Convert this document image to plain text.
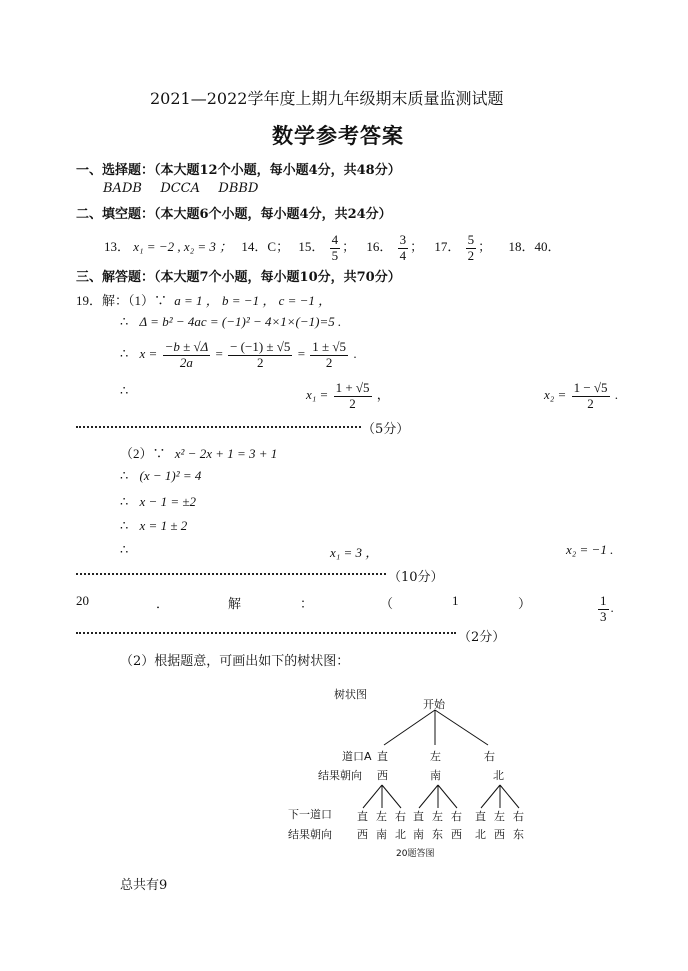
2021—2022学年度上期九年级期末质量监测试题
数学参考答案
一、选择题：（本大题12个小题，每小题4分，共48分）
BADB   DCCA   DBBD
二、填空题：（本大题6个小题，每小题4分，共24分）
13． x₁ = −2 , x₂ = 3 ； 14．C； 15． $\frac{4}{5}$ ； 16． $\frac{3}{4}$ ； 17． $\frac{5}{2}$ ； 18．40．
三、解答题：（本大题7个小题，每小题10分，共70分）
19．解：（1）∵ a = 1 ， b = −1 ， c = −1 ，
∴ Δ = b² − 4ac = (−1)² − 4×1×(−1)=5 .
∴ $x = \frac{-b \pm √\Delta}{2a} = \frac{- (-1) \pm √5}{2} = \frac{1 \pm √5}{2}$ .
∴	$x_1 = \frac{1 + √5}{2}$ ，	$x_2 = \frac{1 - √5}{2}$ .
（5分）
（2）∵ x² − 2x + 1 = 3 + 1
∴ (x − 1)² = 4
∴ x − 1 = ±2
∴ x = 1 ± 2
∴	x₁ = 3 ，	x₂ = −1 .
（10分）
20	．	解	：	（	1	）	$\frac{1}{3}$ .
（2分）
（2）根据题意，可画出如下的树状图：
树状图
开始
道口A
结果朝向
直
西
左
南
右
北
下一道口
结果朝向
直
西
左
南
右
北
直
南
左
东
右
西
直
北
左
西
右
东
20题答图
总共有9
